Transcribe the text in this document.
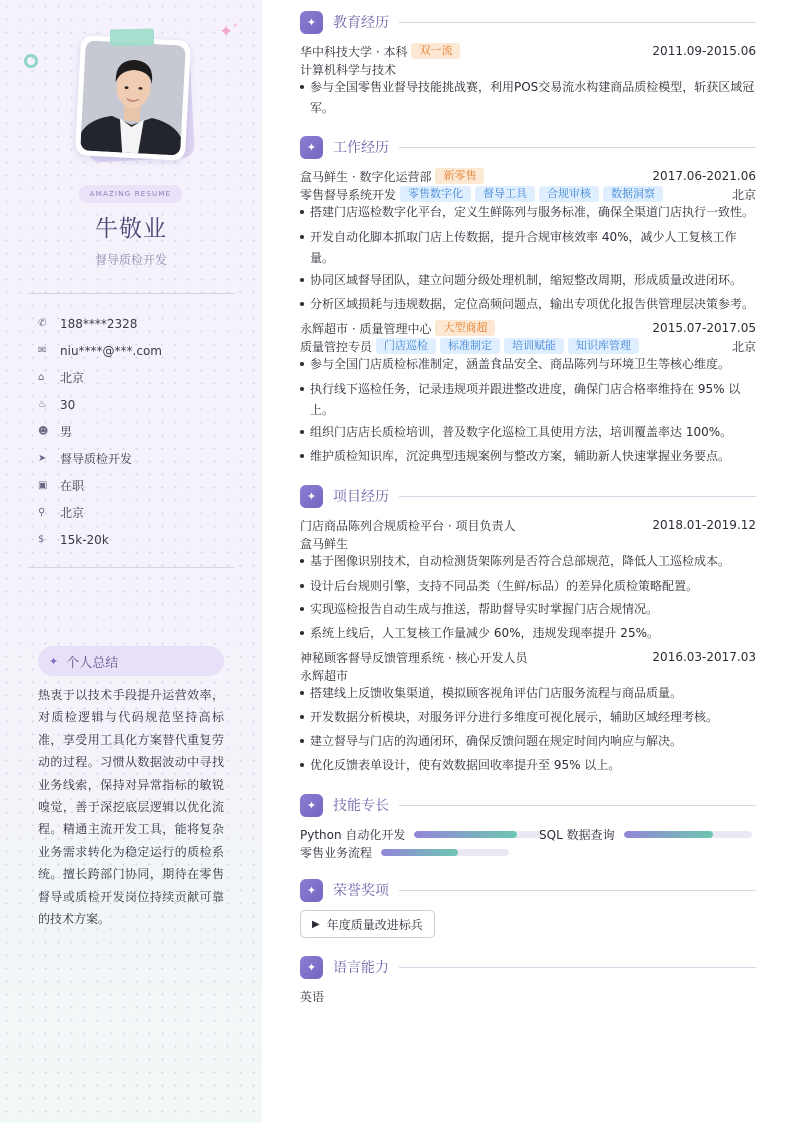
✦
✦
AMAZING RESUME
牛敬业
督导质检开发
✆	188****2328
✉	niu****@***.com
⌂	北京
♨	30
☻ 男
➤	督导质检开发
▣	在职
⚲	北京
$	15k-20k
✦ 个人总结
热衷于以技术手段提升运营效率，对质检逻辑与代码规范坚持高标准，享受用工具化方案替代重复劳动的过程。习惯从数据波动中寻找业务线索，保持对异常指标的敏锐嗅觉，善于深挖底层逻辑以优化流程。精通主流开发工具，能将复杂业务需求转化为稳定运行的质检系统。擅长跨部门协同，期待在零售督导或质检开发岗位持续贡献可靠的技术方案。
✦	教育经历
华中科技大学 · 本科	双一流	2011.09-2015.06
计算机科学与技术
参与全国零售业督导技能挑战赛，利用POS交易流水构建商品质检模型，斩获区域冠军。
✦	工作经历
盒马鲜生 · 数字化运营部	新零售	2017.06-2021.06
零售督导系统开发	零售数字化	督导工具	合规审核	数据洞察	北京
搭建门店巡检数字化平台，定义生鲜陈列与服务标准，确保全渠道门店执行一致性。
开发自动化脚本抓取门店上传数据，提升合规审核效率 40%，减少人工复核工作量。
协同区域督导团队，建立问题分级处理机制，缩短整改周期，形成质量改进闭环。
分析区域损耗与违规数据，定位高频问题点，输出专项优化报告供管理层决策参考。
永辉超市 · 质量管理中心	大型商超	2015.07-2017.05
质量管控专员	门店巡检	标准制定	培训赋能	知识库管理	北京
参与全国门店质检标准制定，涵盖食品安全、商品陈列与环境卫生等核心维度。
执行线下巡检任务，记录违规项并跟进整改进度，确保门店合格率维持在 95% 以上。
组织门店店长质检培训，普及数字化巡检工具使用方法，培训覆盖率达 100%。
维护质检知识库，沉淀典型违规案例与整改方案，辅助新人快速掌握业务要点。
✦	项目经历
门店商品陈列合规质检平台 · 项目负责人	2018.01-2019.12
盒马鲜生
基于图像识别技术，自动检测货架陈列是否符合总部规范，降低人工巡检成本。
设计后台规则引擎，支持不同品类（生鲜/标品）的差异化质检策略配置。
实现巡检报告自动生成与推送，帮助督导实时掌握门店合规情况。
系统上线后，人工复核工作量减少 60%，违规发现率提升 25%。
神秘顾客督导反馈管理系统 · 核心开发人员	2016.03-2017.03
永辉超市
搭建线上反馈收集渠道，模拟顾客视角评估门店服务流程与商品质量。
开发数据分析模块，对服务评分进行多维度可视化展示，辅助区域经理考核。
建立督导与门店的沟通闭环，确保反馈问题在规定时间内响应与解决。
优化反馈表单设计，使有效数据回收率提升至 95% 以上。
✦	技能专长
✦	荣誉奖项
✦	语言能力
英语
Python 自动化开发	SQL 数据查询
零售业务流程
▶ 年度质量改进标兵
